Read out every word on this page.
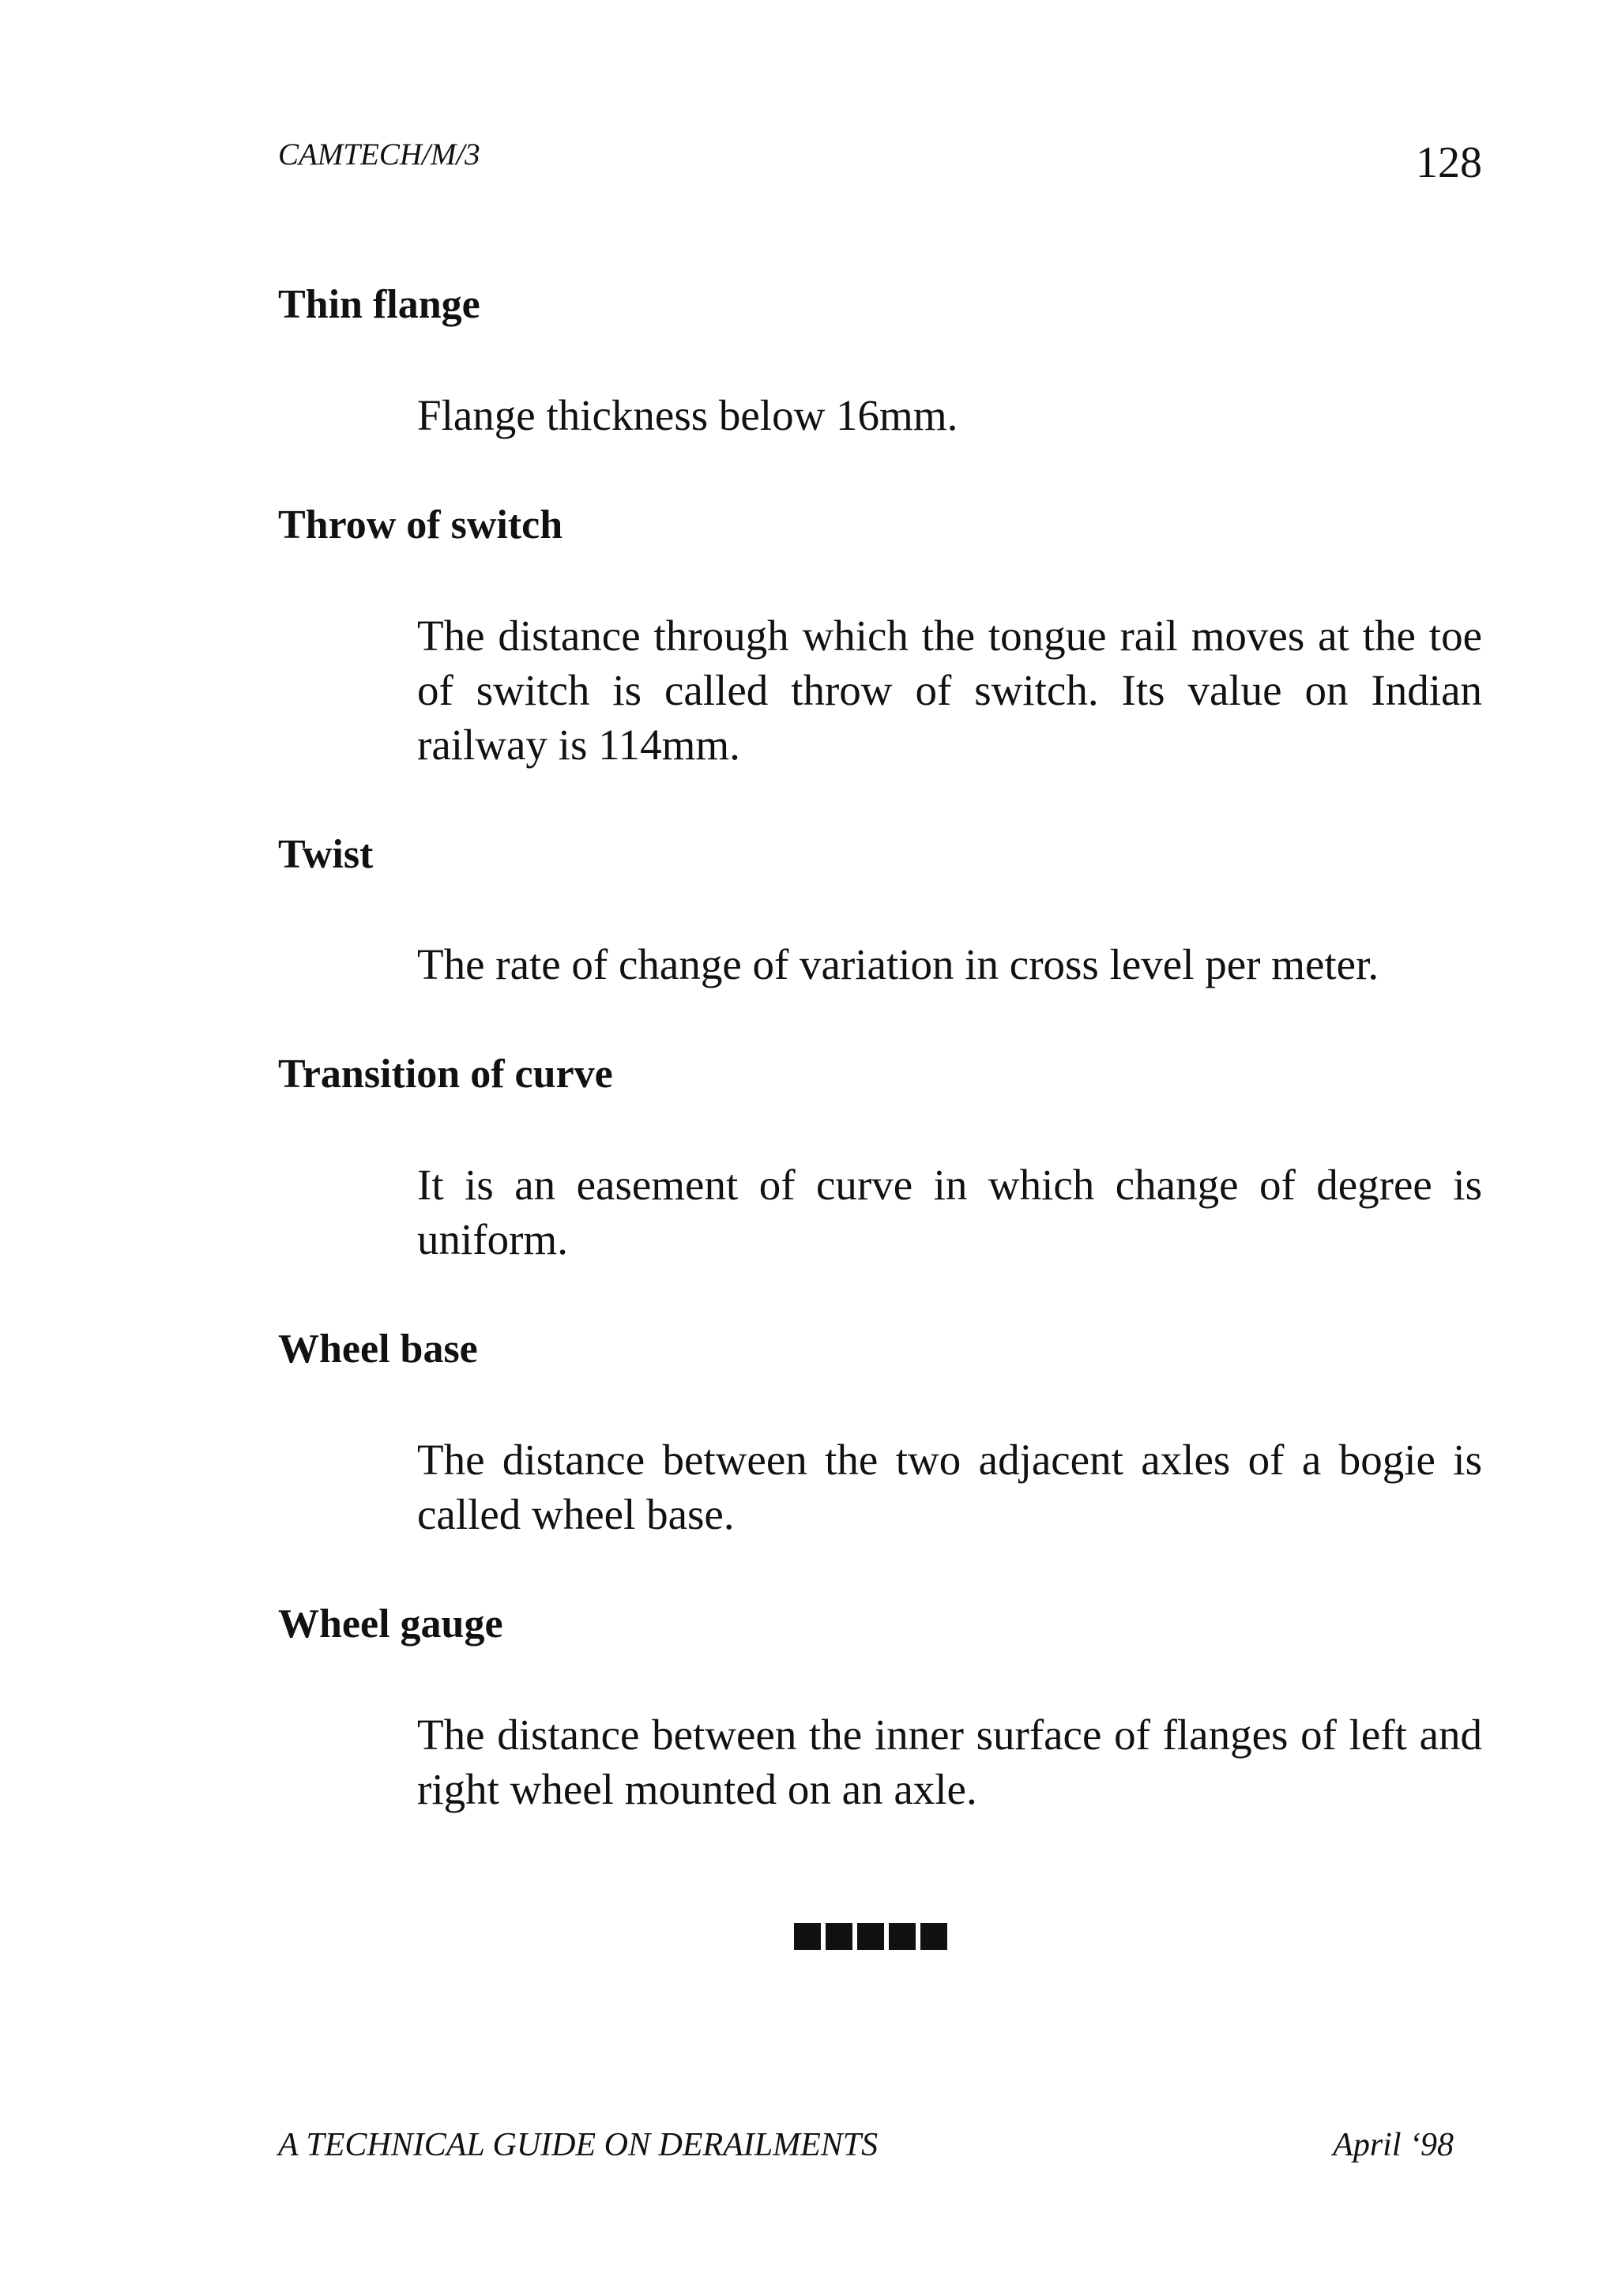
CAMTECH/M/3	128

Thin flange

Flange thickness below 16mm.

Throw of switch

The distance through which the tongue rail moves at the toe of switch is called throw of switch. Its value on Indian railway is 114mm.

Twist

The rate of change of variation in cross level per meter.

Transition of curve

It is an easement of curve in which change of degree is uniform.

Wheel base

The distance between the two adjacent axles of a bogie is called wheel base.

Wheel gauge

The distance between the inner surface of flanges of left and right wheel mounted on an axle.

A TECHNICAL GUIDE ON DERAILMENTS	April ‘98
